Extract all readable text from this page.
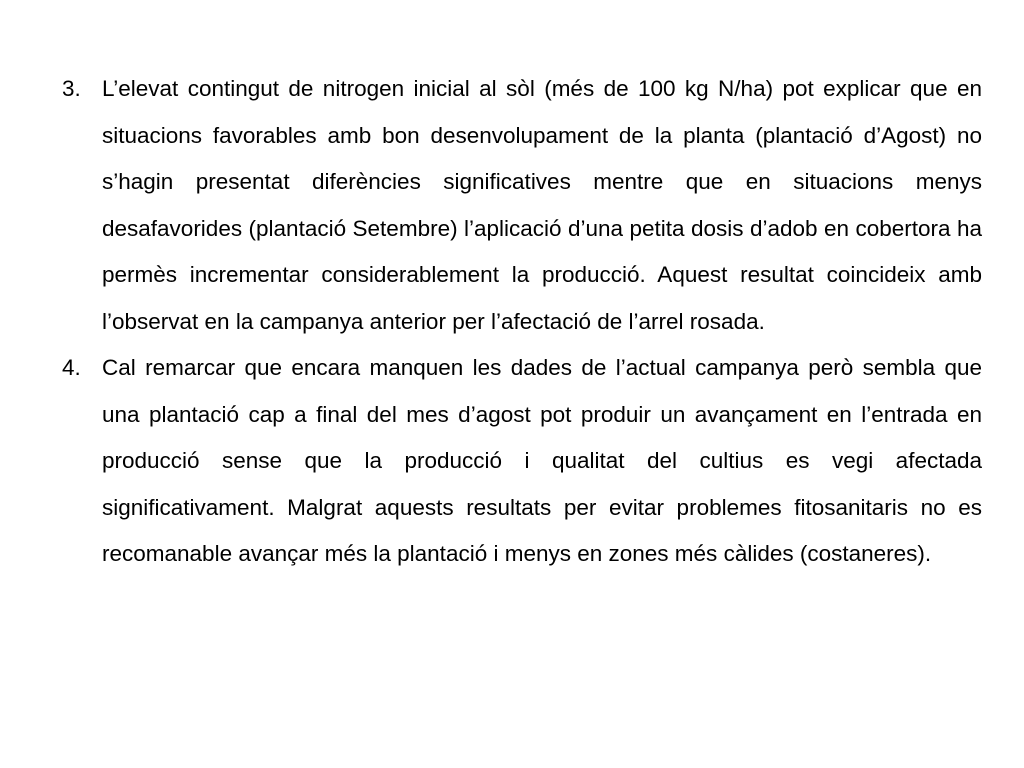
3. L’elevat contingut de nitrogen inicial al sòl (més de 100 kg N/ha) pot explicar que en situacions favorables amb bon desenvolupament de la planta (plantació d’Agost) no s’hagin presentat diferències significatives mentre que en situacions menys desafavorides (plantació Setembre) l’aplicació d’una petita dosis d’adob en cobertora ha permès incrementar considerablement la producció. Aquest resultat coincideix amb l’observat en la campanya anterior per l’afectació de l’arrel rosada.
4. Cal remarcar que encara manquen les dades de l’actual campanya però sembla que una plantació cap a final del mes d’agost pot produir un avançament en l’entrada en producció sense que la producció i qualitat del cultius es vegi afectada significativament. Malgrat aquests resultats per evitar problemes fitosanitaris no es recomanable avançar més la plantació i menys en zones més càlides (costaneres).
